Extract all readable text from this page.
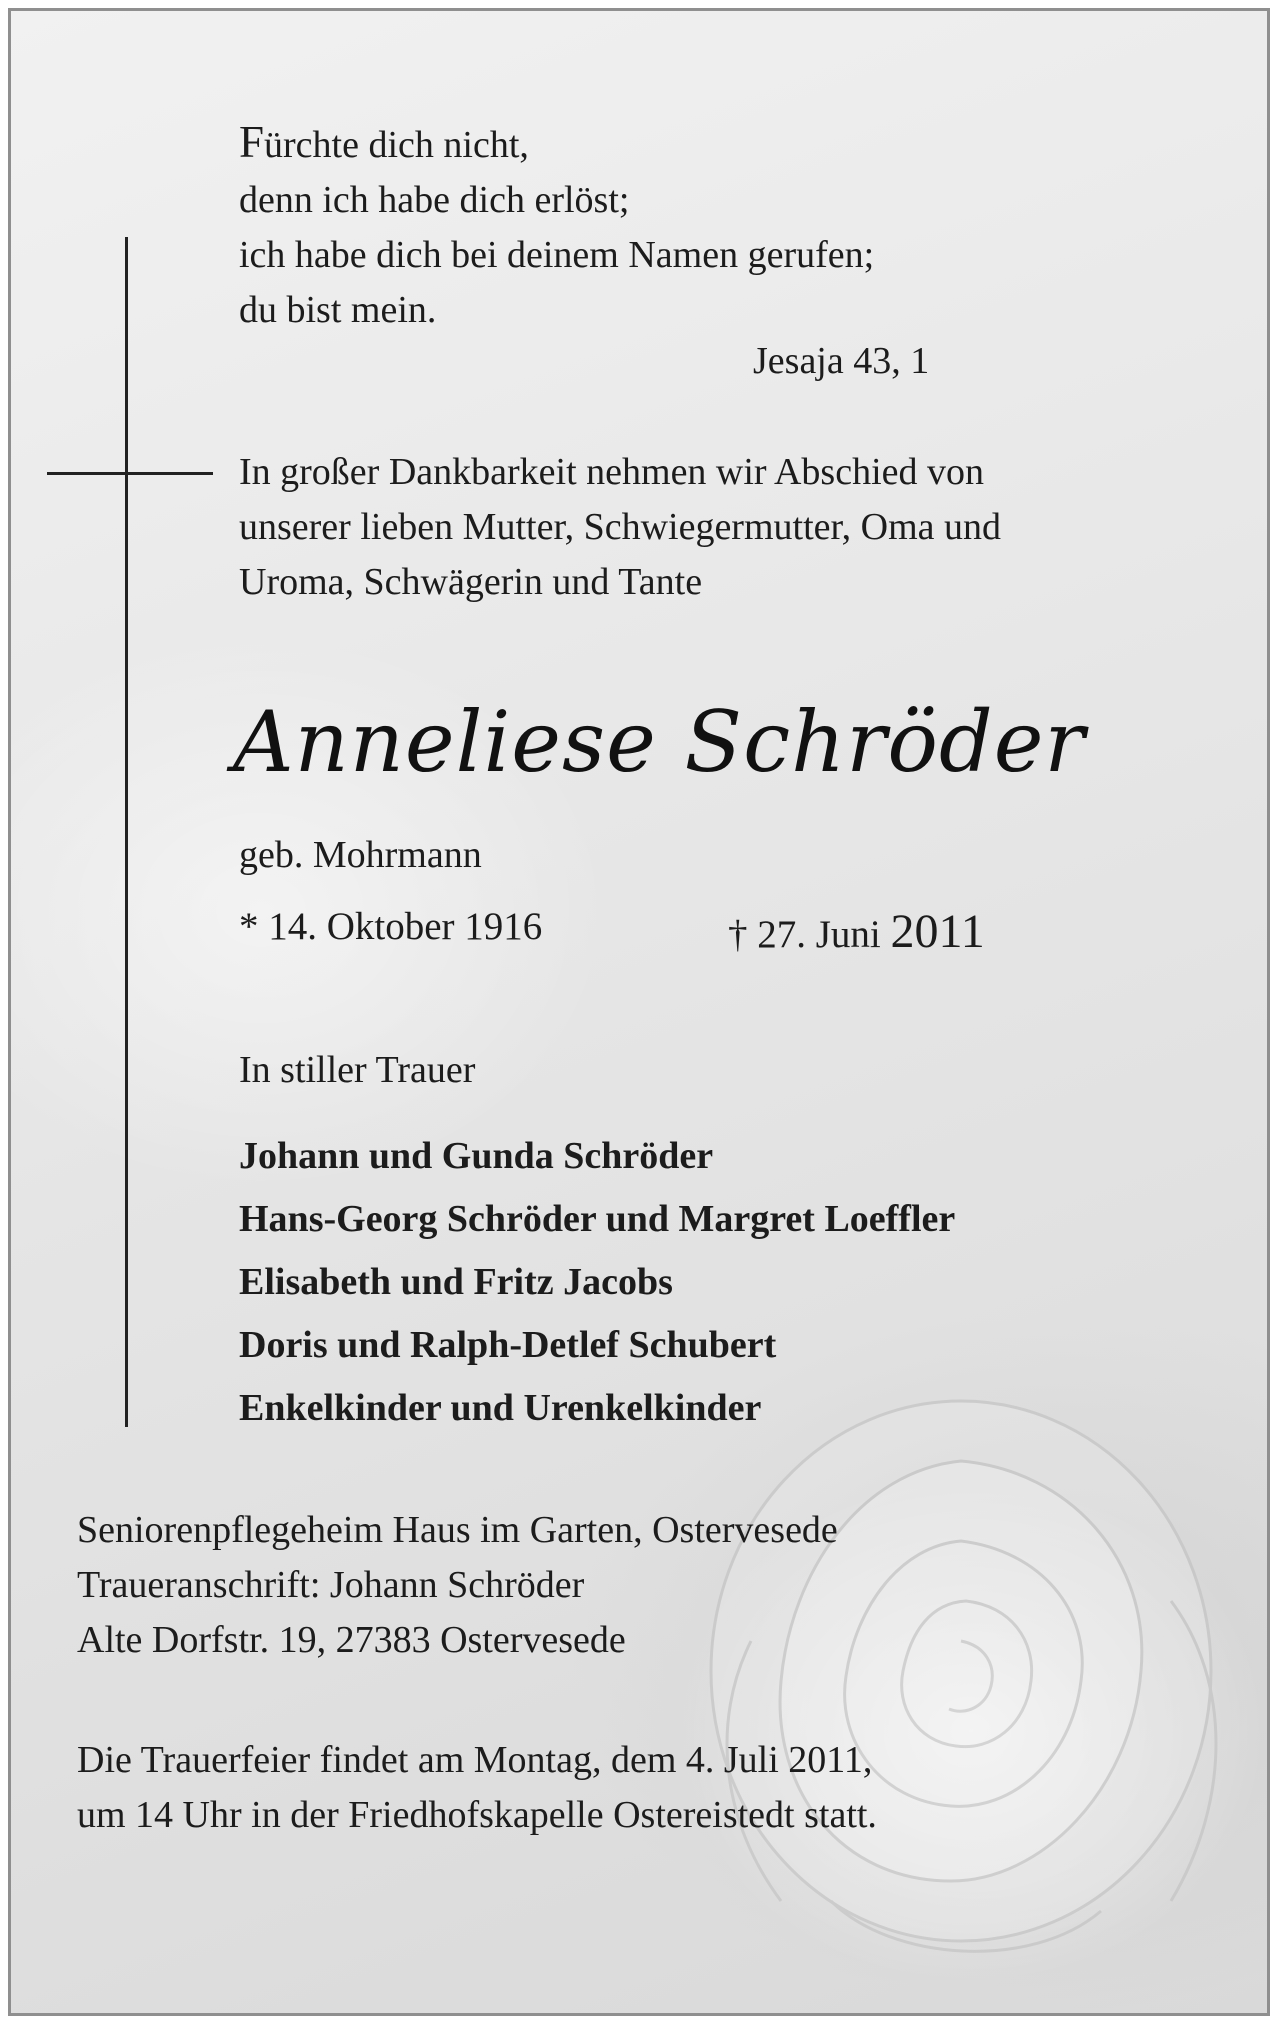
Fürchte dich nicht,
denn ich habe dich erlöst;
ich habe dich bei deinem Namen gerufen;
du bist mein.
Jesaja 43, 1
In großer Dankbarkeit nehmen wir Abschied von
unserer lieben Mutter, Schwiegermutter, Oma und
Uroma, Schwägerin und Tante
Anneliese Schröder
geb. Mohrmann
* 14. Oktober 1916	† 27. Juni 2011
In stiller Trauer
Johann und Gunda Schröder
Hans-Georg Schröder und Margret Loeffler
Elisabeth und Fritz Jacobs
Doris und Ralph-Detlef Schubert
Enkelkinder und Urenkelkinder
Seniorenpflegeheim Haus im Garten, Ostervesede
Traueranschrift: Johann Schröder
Alte Dorfstr. 19, 27383 Ostervesede
Die Trauerfeier findet am Montag, dem 4. Juli 2011,
um 14 Uhr in der Friedhofskapelle Ostereistedt statt.
